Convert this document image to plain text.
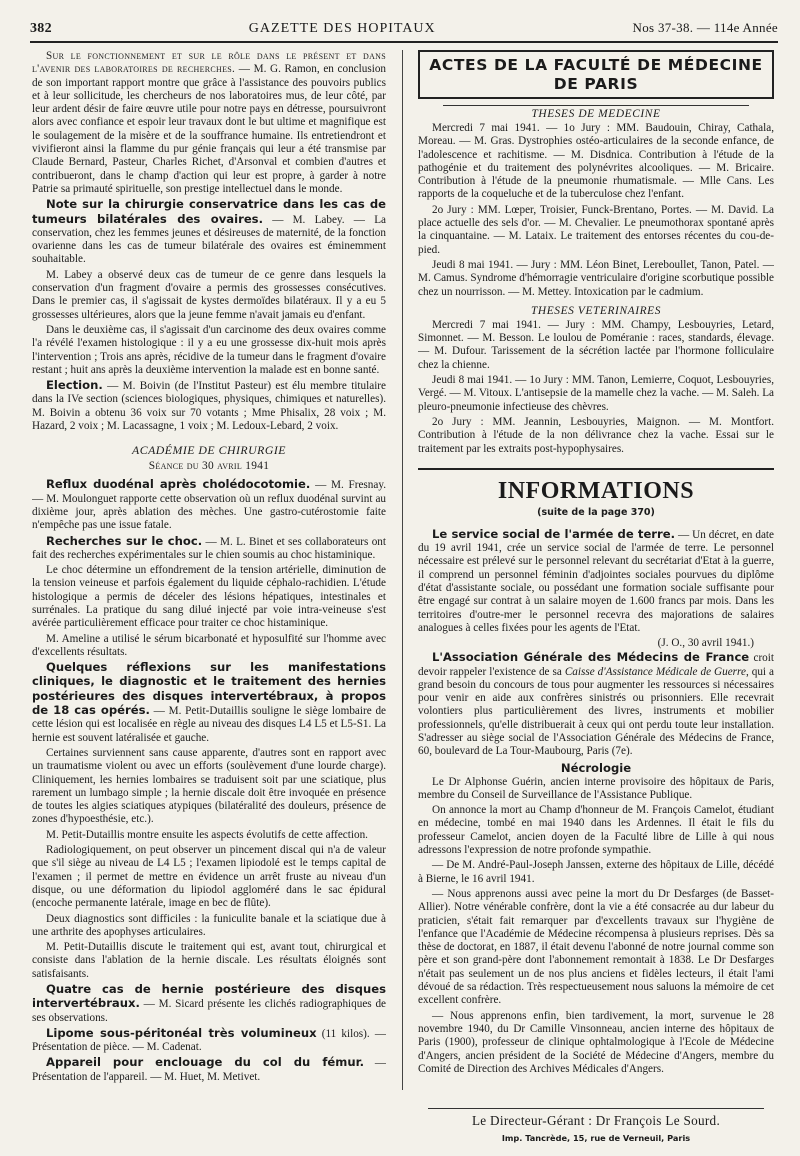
382	GAZETTE DES HOPITAUX	Nos 37-38. — 114e Année

Sur le fonctionnement et sur le rôle dans le présent et dans l'avenir des laboratoires de recherches. — M. G. Ramon, en conclusion de son important rapport montre que grâce à l'assistance des pouvoirs publics et à leur sollicitude, les chercheurs de nos laboratoires mus, de leur côté, par leur ardent désir de faire œuvre utile pour notre pays en détresse, poursuivront alors avec confiance et espoir leur travaux dont le but ultime et magnifique est le soulagement de la misère et de la souffrance humaine. Ils entretiendront et vivifieront ainsi la flamme du pur génie français qui leur a été transmise par Claude Bernard, Pasteur, Charles Richet, d'Arsonval et combien d'autres et contribueront, dans le champ d'action qui leur est propre, à garder à notre Patrie sa primauté spirituelle, son prestige intellectuel dans le monde.

Note sur la chirurgie conservatrice dans les cas de tumeurs bilatérales des ovaires. — M. Labey. — La conservation, chez les femmes jeunes et désireuses de maternité, de la fonction ovarienne dans les cas de tumeur bilatérale des ovaires est éminemment souhaitable.

M. Labey a observé deux cas de tumeur de ce genre dans lesquels la conservation d'un fragment d'ovaire a permis des grossesses consécutives. Dans le premier cas, il s'agissait de kystes dermoïdes bilatéraux. Il y a eu 5 grossesses ultérieures, alors que la jeune femme n'avait jamais eu d'enfant.

Dans le deuxième cas, il s'agissait d'un carcinome des deux ovaires comme l'a révélé l'examen histologique : il y a eu une grossesse dix-huit mois après l'intervention ; Trois ans après, récidive de la tumeur dans le fragment d'ovaire restant ; huit ans après la deuxième intervention la malade est en bonne santé.

Election. — M. Boivin (de l'Institut Pasteur) est élu membre titulaire dans la IVe section (sciences biologiques, physiques, chimiques et naturelles). M. Boivin a obtenu 36 voix sur 70 votants ; Mme Phisalix, 28 voix ; M. Hazard, 2 voix ; M. Lacassagne, 1 voix ; M. Ledoux-Lebard, 2 voix.

ACADÉMIE DE CHIRURGIE
Séance du 30 avril 1941

Reflux duodénal après cholédocotomie. — M. Fresnay. — M. Moulonguet rapporte cette observation où un reflux duodénal survint au dixième jour, après ablation des mèches. Une gastro-cutérostomie faite n'empêche pas une issue fatale.

Recherches sur le choc. — M. L. Binet et ses collaborateurs ont fait des recherches expérimentales sur le chien soumis au choc histaminique.

Le choc détermine un effondrement de la tension artérielle, diminution de la tension veineuse et parfois également du liquide céphalo-rachidien. L'étude histologique a permis de déceler des lésions hépatiques, intestinales et surrénales. La pratique du sang dilué injecté par voie intra-veineuse s'est avérée particulièrement efficace pour traiter ce choc histaminique.

M. Ameline a utilisé le sérum bicarbonaté et hyposulfité sur l'homme avec d'excellents résultats.

Quelques réflexions sur les manifestations cliniques, le diagnostic et le traitement des hernies postérieures des disques intervertébraux, à propos de 18 cas opérés. — M. Petit-Dutaillis souligne le siège lombaire de cette lésion qui est localisée en règle au niveau des disques L4 L5 et L5-S1. La hernie est souvent latéralisée et gauche.

Certaines surviennent sans cause apparente, d'autres sont en rapport avec un traumatisme violent ou avec un efforts (soulèvement d'une lourde charge). Cliniquement, les hernies lombaires se traduisent soit par une sciatique, plus rarement un lumbago simple ; la hernie discale doit être invoquée en présence de toutes les algies sciatiques atypiques (bilatéralité des douleurs, présence de zones d'hypoesthésie, etc.).

M. Petit-Dutaillis montre ensuite les aspects évolutifs de cette affection.

Radiologiquement, on peut observer un pincement discal qui n'a de valeur que s'il siège au niveau de L4 L5 ; l'examen lipiodolé est le temps capital de l'examen ; il permet de mettre en évidence un arrêt fruste au niveau d'un disque, ou une déformation du lipiodol aggloméré dans le sac épidural (encoche permanente latérale, image en bec de flûte).

Deux diagnostics sont difficiles : la funiculite banale et la sciatique due à une arthrite des apophyses articulaires.

M. Petit-Dutaillis discute le traitement qui est, avant tout, chirurgical et consiste dans l'ablation de la hernie discale. Les résultats éloignés sont satisfaisants.

Quatre cas de hernie postérieure des disques intervertébraux. — M. Sicard présente les clichés radiographiques de ses observations.

Lipome sous-péritonéal très volumineux (11 kilos). — Présentation de pièce. — M. Cadenat.

Appareil pour enclouage du col du fémur. — Présentation de l'appareil. — M. Huet, M. Metivet.

ACTES DE LA FACULTÉ DE MÉDECINE DE PARIS
THESES DE MEDECINE

Mercredi 7 mai 1941. — 1o Jury : MM. Baudouin, Chiray, Cathala, Moreau. — M. Gras. Dystrophies ostéo-articulaires de la seconde enfance, de l'adolescence et rachitisme. — M. Disdnica. Contribution à l'étude de la pathogénie et du traitement des polynévrites alcooliques. — M. Bricaire. Contribution à l'étude de la pneumonie rhumatismale. — Mlle Cans. Les rapports de la coqueluche et de la tuberculose chez l'enfant.

2o Jury : MM. Lœper, Troisier, Funck-Brentano, Portes. — M. David. La place actuelle des sels d'or. — M. Chevalier. Le pneumothorax spontané après la cinquantaine. — M. Lataix. Le traitement des entorses récentes du cou-de-pied.

Jeudi 8 mai 1941. — Jury : MM. Léon Binet, Lereboullet, Tanon, Patel. — M. Camus. Syndrome d'hémorragie ventriculaire d'origine scorbutique possible chez un nourrisson. — M. Mettey. Intoxication par le cadmium.

THESES VETERINAIRES

Mercredi 7 mai 1941. — Jury : MM. Champy, Lesbouyries, Letard, Simonnet. — M. Besson. Le loulou de Poméranie : races, standards, élevage. — M. Dufour. Tarissement de la sécrétion lactée par l'hormone folliculaire chez la chienne.

Jeudi 8 mai 1941. — 1o Jury : MM. Tanon, Lemierre, Coquot, Lesbouyries, Vergé. — M. Vitoux. L'antisepsie de la mamelle chez la vache. — M. Saleh. La pleuro-pneumonie infectieuse des chèvres.

2o Jury : MM. Jeannin, Lesbouyries, Maignon. — M. Montfort. Contribution à l'étude de la non délivrance chez la vache. Essai sur le traitement par les extraits post-hypophysaires.

INFORMATIONS
(suite de la page 370)

Le service social de l'armée de terre. — Un décret, en date du 19 avril 1941, crée un service social de l'armée de terre. Le personnel nécessaire est prélevé sur le personnel relevant du secrétariat d'Etat à la guerre, il comprend un personnel féminin d'adjointes sociales pourvues du diplôme d'état d'assistante sociale, ou possédant une formation sociale suffisante pour être engagé sur contrat à un salaire moyen de 1.600 francs par mois. Dans les territoires d'outre-mer le personnel recevra des majorations de salaires analogues à celles fixées pour les agents de l'Etat.

(J. O., 30 avril 1941.)

L'Association Générale des Médecins de France croit devoir rappeler l'existence de sa Caisse d'Assistance Médicale de Guerre, qui a grand besoin du concours de tous pour augmenter les ressources si nécessaires pour venir en aide aux confrères sinistrés ou prisonniers. Elle recevrait volontiers plus particulièrement des livres, instruments et mobilier professionnels, qu'elle distribuerait à ceux qui ont perdu toute leur installation. S'adresser au siège social de l'Association Générale des Médecins de France, 60, boulevard de La Tour-Maubourg, Paris (7e).

Nécrologie

Le Dr Alphonse Guérin, ancien interne provisoire des hôpitaux de Paris, membre du Conseil de Surveillance de l'Assistance Publique.

On annonce la mort au Champ d'honneur de M. François Camelot, étudiant en médecine, tombé en mai 1940 dans les Ardennes. Il était le fils du professeur Camelot, ancien doyen de la Faculté libre de Lille à qui nous adressons l'expression de notre profonde sympathie.

— De M. André-Paul-Joseph Janssen, externe des hôpitaux de Lille, décédé à Bierne, le 16 avril 1941.

— Nous apprenons aussi avec peine la mort du Dr Desfarges (de Basset-Allier). Notre vénérable confrère, dont la vie a été consacrée au dur labeur du praticien, s'était fait remarquer par d'excellents travaux sur l'hygiène de l'enfance que l'Académie de Médecine récompensa à plusieurs reprises. Dès sa thèse de doctorat, en 1887, il était devenu l'abonné de notre journal comme son père et son grand-père dont l'abonnement remontait à 1838. Le Dr Desfarges n'était pas seulement un de nos plus anciens et fidèles lecteurs, il était l'ami dévoué de sa rédaction. Très respectueusement nous saluons la mémoire de cet excellent confrère.

— Nous apprenons enfin, bien tardivement, la mort, survenue le 28 novembre 1940, du Dr Camille Vinsonneau, ancien interne des hôpitaux de Paris (1900), professeur de clinique ophtalmologique à l'Ecole de Médecine d'Angers, ancien président de la Société de Médecine d'Angers, membre du Comité de Direction des Archives Médicales d'Angers.

Le Directeur-Gérant : Dr François Le Sourd.
Imp. Tancrède, 15, rue de Verneuil, Paris
